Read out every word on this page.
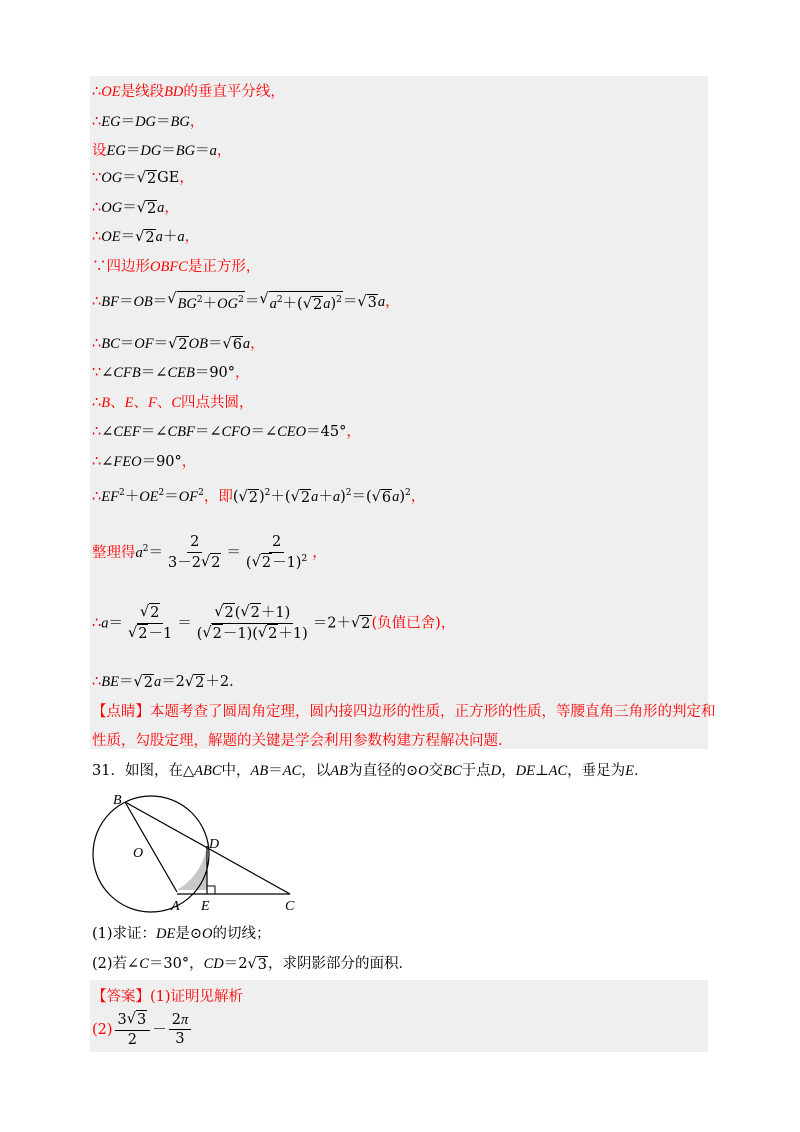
∴OE是线段BD的垂直平分线，
∴EG＝DG＝BG，
设EG＝DG＝BG＝a，
∵OG＝ √ 2 GE，
∴OG＝ √ 2 a，
∴OE＝ √ 2 a＋a，
∵四边形OBFC是正方形，
∴BF＝OB＝ √ $BG^2+OG^2$ ＝ √ $a^2+$( √ 2 a)$^2$ ＝ √ 3 a，
∴BC＝OF＝ √ 2 OB＝ √ 6 a，
∵∠CFB＝∠CEB＝90°，
∴B、E、F、C四点共圆，
∴∠CEF＝∠CBF＝∠CFO＝∠CEO＝45°，
∴∠FEO＝90°，
$\therefore EF^2+OE^2=OF^2$，即( √ 2 )$^2$＋( √ 2 a＋a)$^2$＝( √ 6 a)$^2$，
整理得$a^2= \frac{2}{3-2 √ 2} = \frac{2}{( √ 2 -1)^2}$ ，
∴a＝ $\frac{√ 2}{√ 2 -1} = \frac{√ 2 ( √ 2 +1)}{( √ 2 -1)( √ 2 +1)} =2+$ √ 2 (负值已舍)，
∴BE＝ √ 2 a＝2 √ 2 ＋2．
【点睛】本题考查了圆周角定理，圆内接四边形的性质，正方形的性质，等腰直角三角形的判定和
性质，勾股定理，解题的关键是学会利用参数构建方程解决问题．
31．如图，在△ABC中，AB＝AC，以AB为直径的⊙O交BC于点D，DE⊥AC，垂足为E．
B
O
D
A E	C
(1)求证：DE是⊙O的切线；
(2)若∠C＝30°，CD＝2 √ 3 ，求阴影部分的面积．
【答案】(1)证明见解析
$(2) \frac{3 √ 3}{2} - \frac{2\pi}{3}$
